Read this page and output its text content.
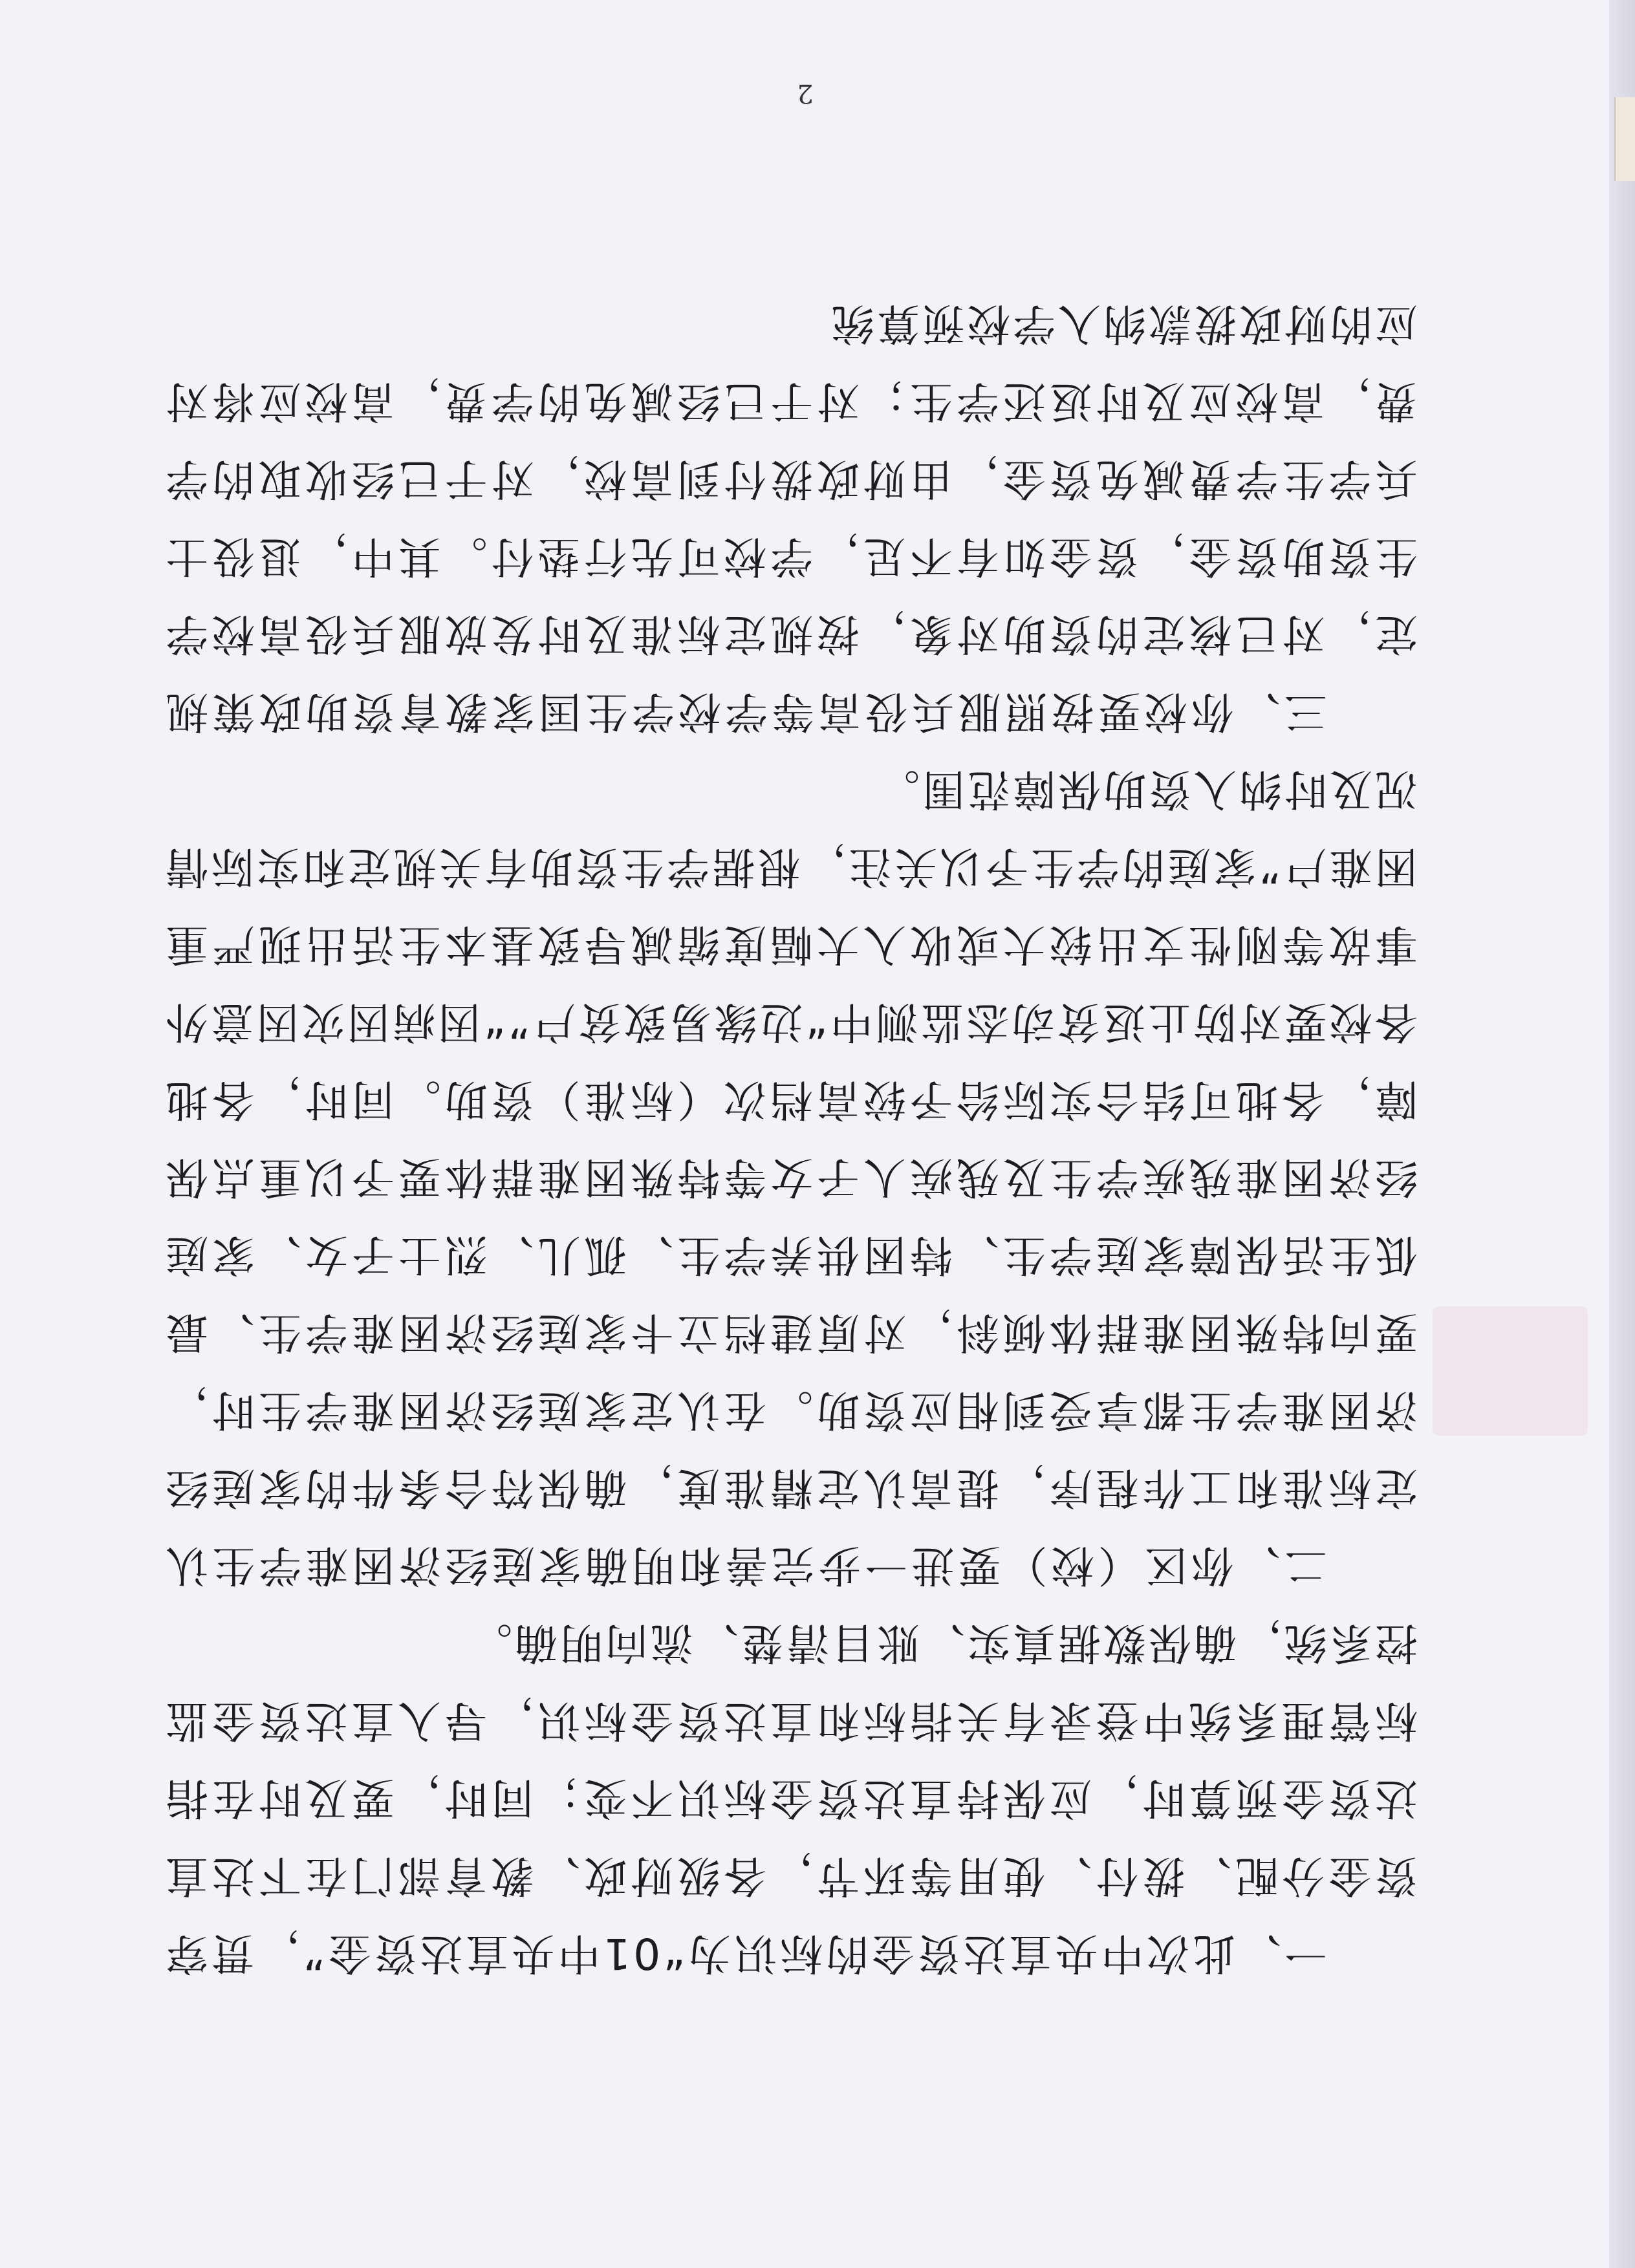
2

一、此次中央直达资金的标识为“01中央直达资金”，贯穿资金分配、拨付、使用等环节，各级财政、教育部门在下达直达资金预算时，应保持直达资金标识不变；同时，要及时在指标管理系统中登录有关指标和直达资金标识，导入直达资金监控系统，确保数据真实、账目清楚、流向明确。

二、你区（校）要进一步完善和明确家庭经济困难学生认定标准和工作程序，提高认定精准度，确保符合条件的家庭经济困难学生都享受到相应资助。在认定家庭经济困难学生时，要向特殊困难群体倾斜，对原建档立卡家庭经济困难学生、最低生活保障家庭学生、特困供养学生、孤儿、烈士子女、家庭经济困难残疾学生及残疾人子女等特殊困难群体要予以重点保障，各地可结合实际给予较高档次（标准）资助。同时，各地各校要对防止返贫动态监测中“边缘易致贫户”“因病因灾因意外事故等刚性支出较大或收入大幅度缩减导致基本生活出现严重困难户”家庭的学生予以关注，根据学生资助有关规定和实际情况及时纳入资助保障范围。

三、你校要按照服兵役高等学校学生国家教育资助政策规定，对已核定的资助对象，按规定标准及时发放服兵役高校学生资助资金，资金如有不足，学校可先行垫付。其中，退役士兵学生学费减免资金，由财政拨付到高校，对于已经收取的学费，高校应及时返还学生；对于已经减免的学费，高校应将对应的财政拨款纳入学校预算统
